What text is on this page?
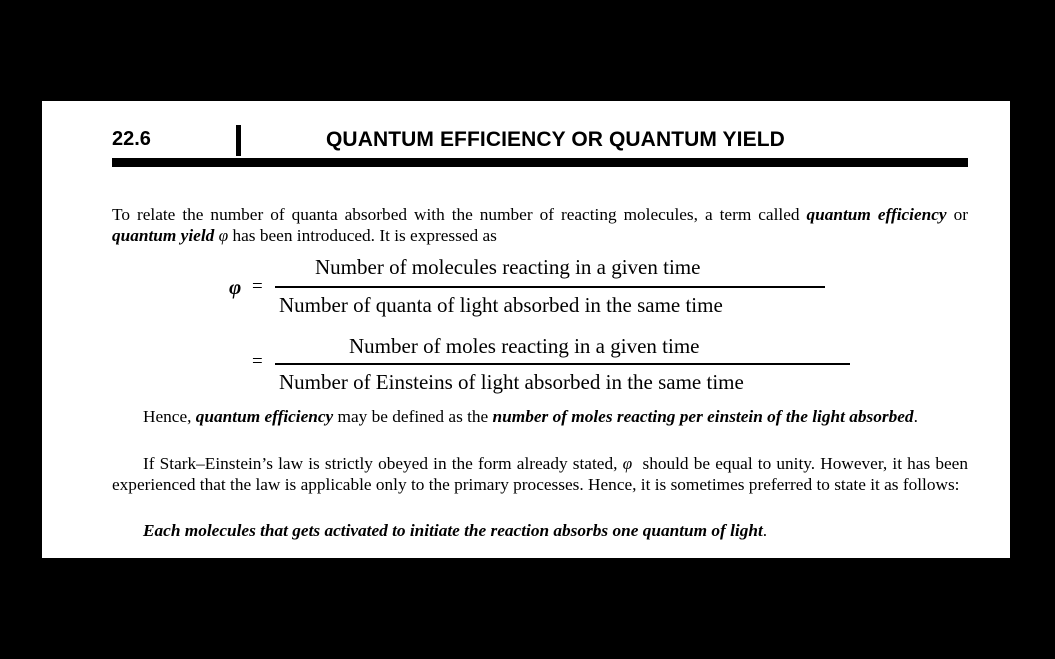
22.6	QUANTUM EFFICIENCY OR QUANTUM YIELD
To relate the number of quanta absorbed with the number of reacting molecules, a term called quantum efficiency or quantum yield φ has been introduced. It is expressed as
φ =
Number of molecules reacting in a given time
Number of quanta of light absorbed in the same time
=
Number of moles reacting in a given time
Number of Einsteins of light absorbed in the same time
Hence, quantum efficiency may be defined as the number of moles reacting per einstein of the light absorbed.
If Stark–Einstein’s law is strictly obeyed in the form already stated, φ  should be equal to unity. However, it has been experienced that the law is applicable only to the primary processes. Hence, it is sometimes preferred to state it as follows:
Each molecules that gets activated to initiate the reaction absorbs one quantum of light.
